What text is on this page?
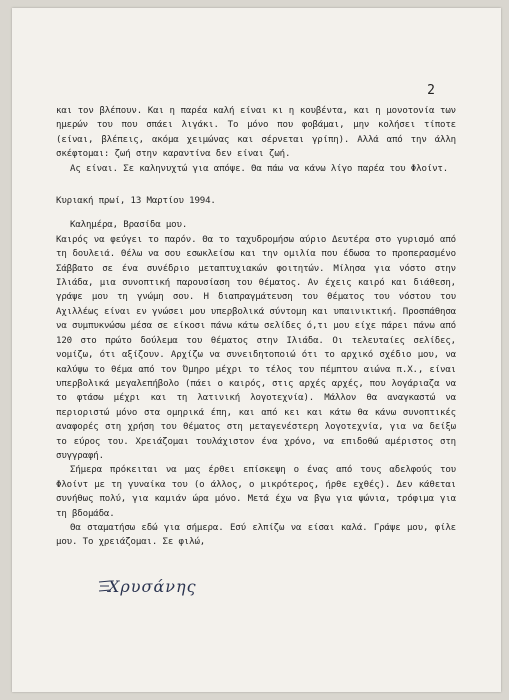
2

και τον βλέπουν. Και η παρέα καλή είναι κι η κουβέντα, και η μονοτονία των ημερών του που σπάει λιγάκι. Το μόνο που φοβάμαι, μην κολήσει τίποτε (είναι, βλέπεις, ακόμα χειμώνας και σέρνεται γρίπη). Αλλά από την άλλη σκέφτομαι: ζωή στην καραντίνα δεν είναι ζωή.

Ας είναι. Σε καληνυχτώ για απόψε. Θα πάω να κάνω λίγο παρέα του Φλοίντ.

Κυριακή πρωί, 13 Μαρτίου 1994.

Καλημέρα, Βρασίδα μου.

Καιρός να φεύγει το παρόν. Θα το ταχυδρομήσω αύριο Δευτέρα στο γυρισμό από τη δουλειά. Θέλω να σου εσωκλείσω και την ομιλία που έδωσα το προπερασμένο Σάββατο σε ένα συνέδριο μεταπτυχιακών φοιτητών. Μίλησα για νόστο στην Ιλιάδα, μια συνοπτική παρουσίαση του θέματος. Αν έχεις καιρό και διάθεση, γράψε μου τη γνώμη σου. Η διαπραγμάτευση του θέματος του νόστου του Αχιλλέως είναι εν γνώσει μου υπερβολικά σύντομη και υπαινικτική. Προσπάθησα να συμπυκνώσω μέσα σε είκοσι πάνω κάτω σελίδες ό,τι μου είχε πάρει πάνω από 120 στο πρώτο δούλεμα του θέματος στην Ιλιάδα. Οι τελευταίες σελίδες, νομίζω, ότι αξίζουν. Αρχίζω να συνειδητοποιώ ότι το αρχικό σχέδιο μου, να καλύψω το θέμα από τον Όμηρο μέχρι το τέλος του πέμπτου αιώνα π.Χ., είναι υπερβολικά μεγαλεπήβολο (πάει ο καιρός, στις αρχές αρχές, που λογάριαζα να το φτάσω μέχρι και τη λατινική λογοτεχνία). Μάλλον θα αναγκαστώ να περιοριστώ μόνο στα ομηρικά έπη, και από κει και κάτω θα κάνω συνοπτικές αναφορές στη χρήση του θέματος στη μεταγενέστερη λογοτεχνία, για να δείξω το εύρος του. Χρειάζομαι τουλάχιστον ένα χρόνο, να επιδοθώ αμέριστος στη συγγραφή.

Σήμερα πρόκειται να μας έρθει επίσκεψη ο ένας από τους αδελφούς του Φλοίντ με τη γυναίκα του (ο άλλος, ο μικρότερος, ήρθε εχθές). Δεν κάθεται συνήθως πολύ, για καμιάν ώρα μόνο. Μετά έχω να βγω για ψώνια, τρόφιμα για τη βδομάδα.

Θα σταματήσω εδώ για σήμερα. Εσύ ελπίζω να είσαι καλά. Γράψε μου, φίλε μου. Το χρειάζομαι. Σε φιλώ,

Χρυσάνης
